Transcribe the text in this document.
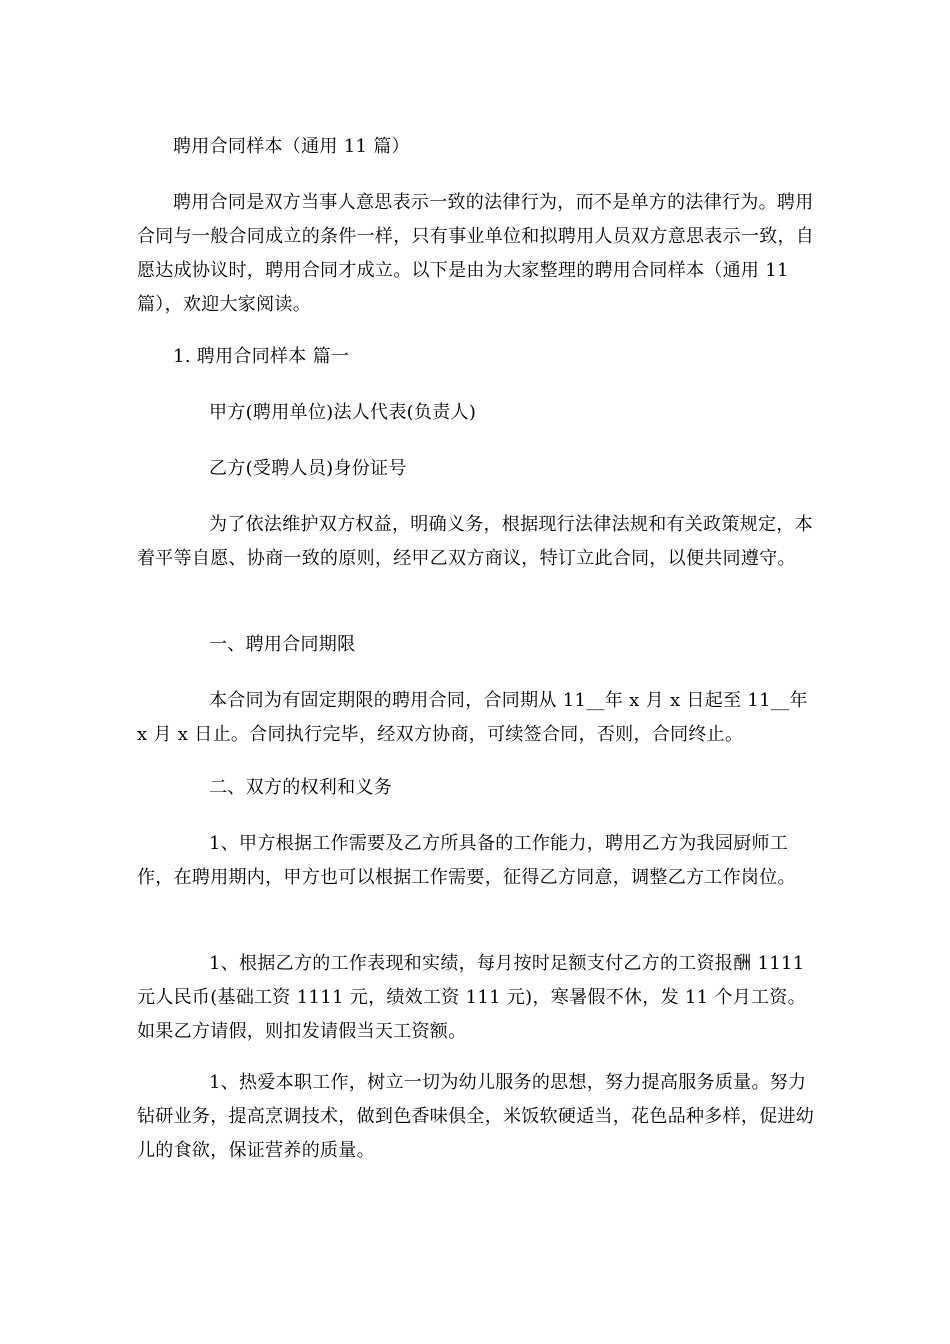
聘用合同样本（通用 11 篇）

聘用合同是双方当事人意思表示一致的法律行为，而不是单方的法律行为。聘用合同与一般合同成立的条件一样，只有事业单位和拟聘用人员双方意思表示一致，自愿达成协议时，聘用合同才成立。以下是由为大家整理的聘用合同样本（通用 11 篇），欢迎大家阅读。

1. 聘用合同样本 篇一

甲方(聘用单位)法人代表(负责人)

乙方(受聘人员)身份证号

为了依法维护双方权益，明确义务，根据现行法律法规和有关政策规定，本着平等自愿、协商一致的原则，经甲乙双方商议，特订立此合同，以便共同遵守。

一、聘用合同期限

本合同为有固定期限的聘用合同，合同期从 11__年 x 月 x 日起至 11__年 x 月 x 日止。合同执行完毕，经双方协商，可续签合同，否则，合同终止。

二、双方的权利和义务

1、甲方根据工作需要及乙方所具备的工作能力，聘用乙方为我园厨师工作，在聘用期内，甲方也可以根据工作需要，征得乙方同意，调整乙方工作岗位。

1、根据乙方的工作表现和实绩，每月按时足额支付乙方的工资报酬 1111 元人民币(基础工资 1111 元，绩效工资 111 元)，寒暑假不休，发 11 个月工资。如果乙方请假，则扣发请假当天工资额。

1、热爱本职工作，树立一切为幼儿服务的思想，努力提高服务质量。努力钻研业务，提高烹调技术，做到色香味俱全，米饭软硬适当，花色品种多样，促进幼儿的食欲，保证营养的质量。
